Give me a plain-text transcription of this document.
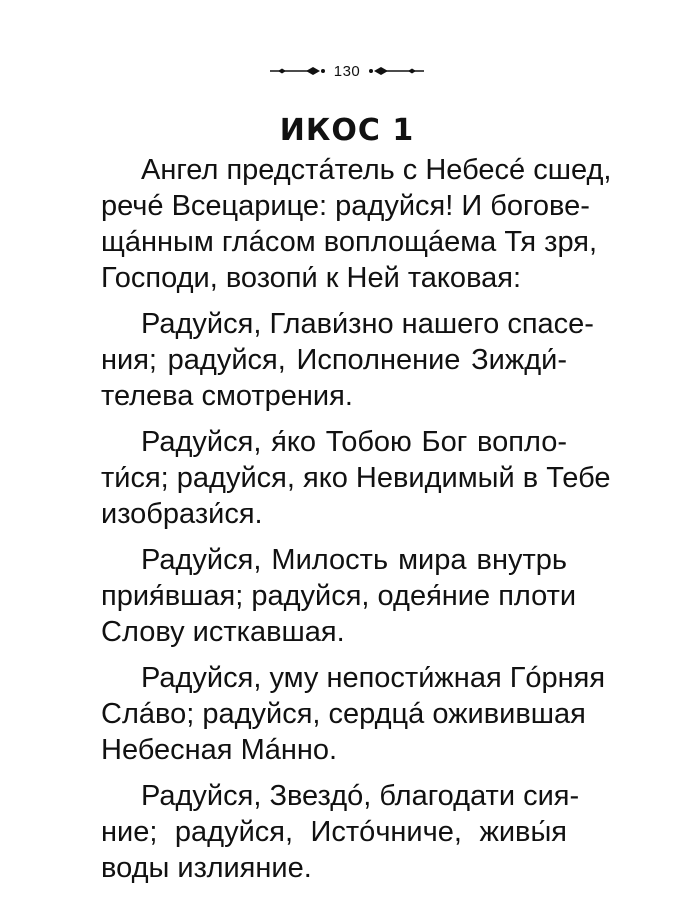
130
ИКОС 1
Ангел предстáтель с Небесé сшед,
речé Всецарице: радуйся! И богове-
щáнным глáсом воплощáема Тя зря,
Господи, возопи́ к Ней таковая:
Радуйся, Глави́зно нашего спасе-
ния; радуйся, Исполнение Зижди́-
телева смотрения.
Радуйся, я́ко Тобою Бог вопло-
ти́ся; радуйся, яко Невидимый в Тебе
изобрази́ся.
Радуйся, Милость мира внутрь
прия́вшая; радуйся, одея́ние плоти
Слову исткавшая.
Радуйся, уму непости́жная Гóрняя
Слáво; радуйся, сердцá оживившая
Небесная Мáнно.
Радуйся, Звездó, благодати сия-
ние; радуйся, Истóчниче, живы́я
воды излияние.
